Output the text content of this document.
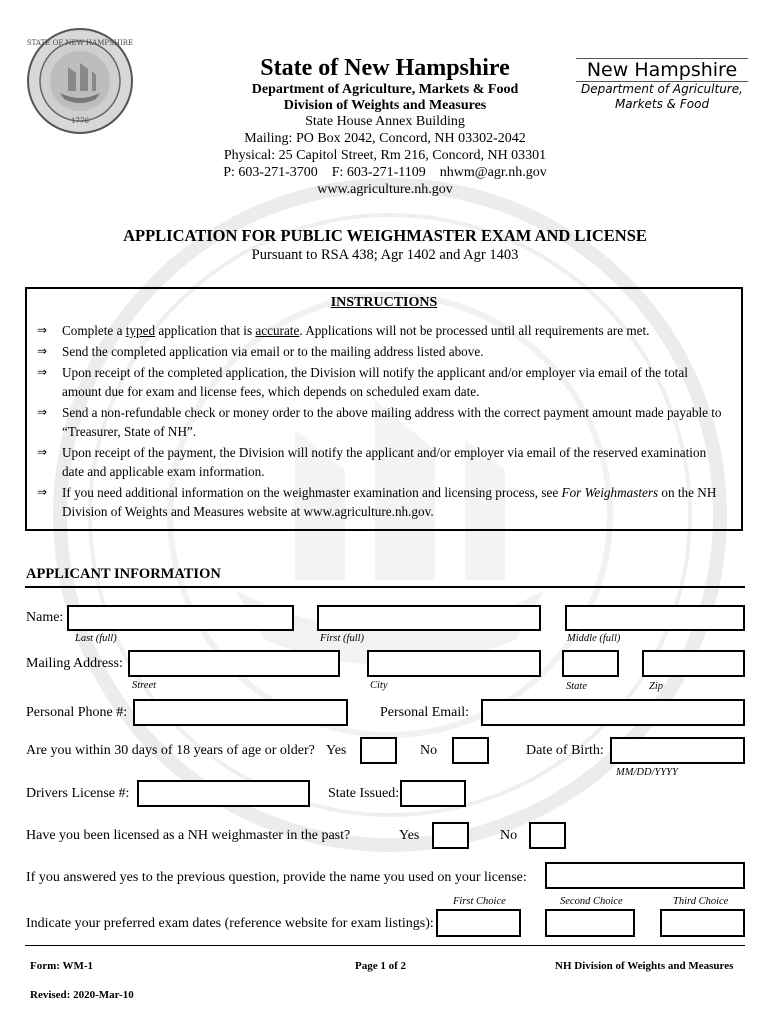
STATE OF NEW HAMPSHIRE
1776
State of New Hampshire
Department of Agriculture, Markets & Food
Division of Weights and Measures
State House Annex Building
Mailing: PO Box 2042, Concord, NH 03302-2042
Physical: 25 Capitol Street, Rm 216, Concord, NH 03301
P: 603-271-3700    F: 603-271-1109    nhwm@agr.nh.gov
www.agriculture.nh.gov
New Hampshire
Department of Agriculture,
Markets & Food
APPLICATION FOR PUBLIC WEIGHMASTER EXAM AND LICENSE
Pursuant to RSA 438; Agr 1402 and Agr 1403
INSTRUCTIONS
⇒ Complete a typed application that is accurate. Applications will not be processed until all requirements are met.
⇒ Send the completed application via email or to the mailing address listed above.
⇒ Upon receipt of the completed application, the Division will notify the applicant and/or employer via email of the total amount due for exam and license fees, which depends on scheduled exam date.
⇒ Send a non-refundable check or money order to the above mailing address with the correct payment amount made payable to “Treasurer, State of NH”.
⇒ Upon receipt of the payment, the Division will notify the applicant and/or employer via email of the reserved examination date and applicable exam information.
⇒ If you need additional information on the weighmaster examination and licensing process, see For Weighmasters on the NH Division of Weights and Measures website at www.agriculture.nh.gov.
APPLICANT INFORMATION
Name:
Last (full)	First (full)	Middle (full)
Mailing Address:
Street	City	State	Zip
Personal Phone #:	Personal Email:
Are you within 30 days of 18 years of age or older? Yes	No	Date of Birth:
MM/DD/YYYY
Drivers License #:	State Issued:
Have you been licensed as a NH weighmaster in the past?	Yes	No
If you answered yes to the previous question, provide the name you used on your license:
First Choice	Second Choice	Third Choice
Indicate your preferred exam dates (reference website for exam listings):
Form: WM-1	Page 1 of 2	NH Division of Weights and Measures
Revised: 2020-Mar-10
